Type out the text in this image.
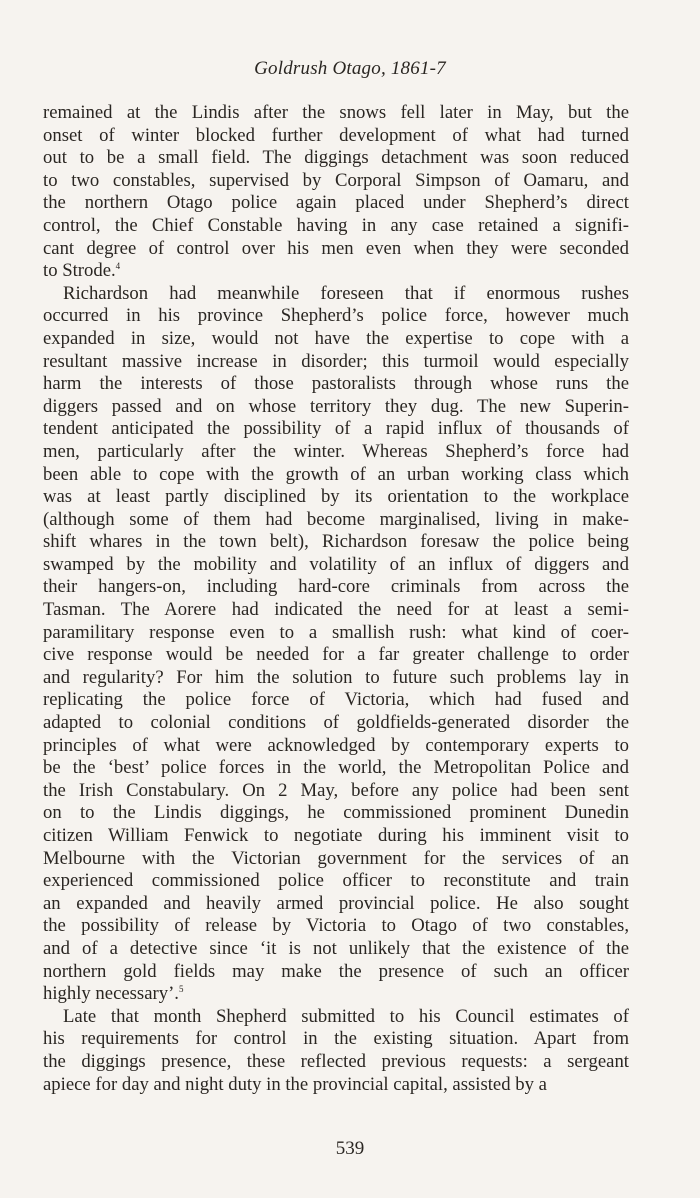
Goldrush Otago, 1861-7

remained at the Lindis after the snows fell later in May, but the
onset of winter blocked further development of what had turned
out to be a small field. The diggings detachment was soon reduced
to two constables, supervised by Corporal Simpson of Oamaru, and
the northern Otago police again placed under Shepherd’s direct
control, the Chief Constable having in any case retained a signifi-
cant degree of control over his men even when they were seconded
to Strode.$^4$
Richardson had meanwhile foreseen that if enormous rushes
occurred in his province Shepherd’s police force, however much
expanded in size, would not have the expertise to cope with a
resultant massive increase in disorder; this turmoil would especially
harm the interests of those pastoralists through whose runs the
diggers passed and on whose territory they dug. The new Superin-
tendent anticipated the possibility of a rapid influx of thousands of
men, particularly after the winter. Whereas Shepherd’s force had
been able to cope with the growth of an urban working class which
was at least partly disciplined by its orientation to the workplace
(although some of them had become marginalised, living in make-
shift whares in the town belt), Richardson foresaw the police being
swamped by the mobility and volatility of an influx of diggers and
their hangers-on, including hard-core criminals from across the
Tasman. The Aorere had indicated the need for at least a semi-
paramilitary response even to a smallish rush: what kind of coer-
cive response would be needed for a far greater challenge to order
and regularity? For him the solution to future such problems lay in
replicating the police force of Victoria, which had fused and
adapted to colonial conditions of goldfields-generated disorder the
principles of what were acknowledged by contemporary experts to
be the ‘best’ police forces in the world, the Metropolitan Police and
the Irish Constabulary. On 2 May, before any police had been sent
on to the Lindis diggings, he commissioned prominent Dunedin
citizen William Fenwick to negotiate during his imminent visit to
Melbourne with the Victorian government for the services of an
experienced commissioned police officer to reconstitute and train
an expanded and heavily armed provincial police. He also sought
the possibility of release by Victoria to Otago of two constables,
and of a detective since ‘it is not unlikely that the existence of the
northern gold fields may make the presence of such an officer
highly necessary’.$^5$
Late that month Shepherd submitted to his Council estimates of
his requirements for control in the existing situation. Apart from
the diggings presence, these reflected previous requests: a sergeant
apiece for day and night duty in the provincial capital, assisted by a

539
